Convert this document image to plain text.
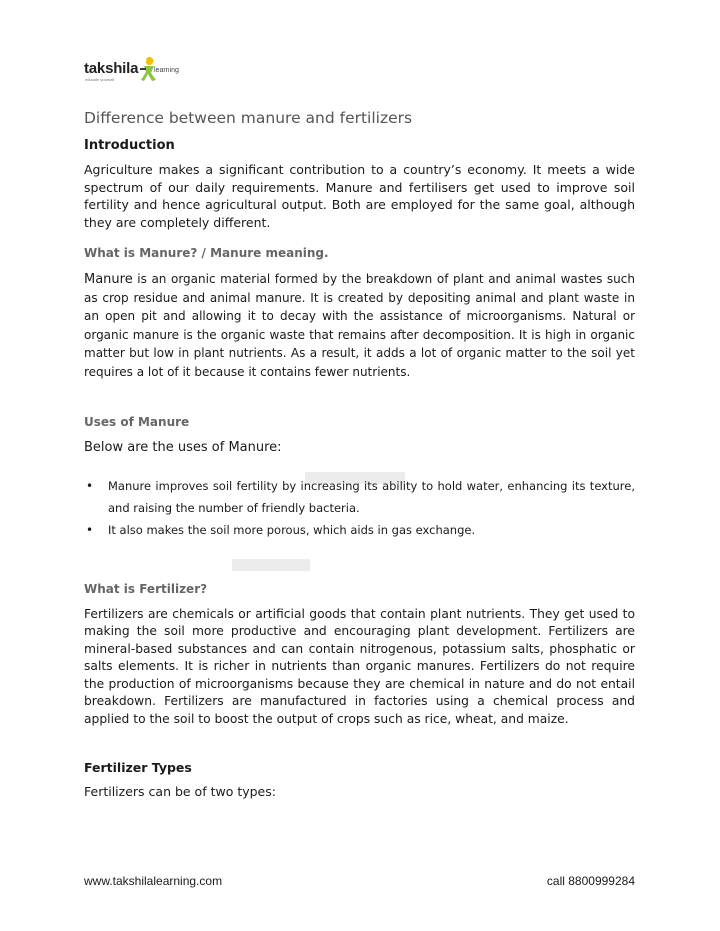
takshila learning
educate yourself
Difference between manure and fertilizers
Introduction

Agriculture makes a significant contribution to a country’s economy. It meets a wide spectrum of our daily requirements. Manure and fertilisers get used to improve soil fertility and hence agricultural output. Both are employed for the same goal, although they are completely different.

What is Manure? / Manure meaning.

Manure is an organic material formed by the breakdown of plant and animal wastes such as crop residue and animal manure. It is created by depositing animal and plant waste in an open pit and allowing it to decay with the assistance of microorganisms. Natural or organic manure is the organic waste that remains after decomposition. It is high in organic matter but low in plant nutrients. As a result, it adds a lot of organic matter to the soil yet requires a lot of it because it contains fewer nutrients.

Uses of Manure

Below are the uses of Manure:

• Manure improves soil fertility by increasing its ability to hold water, enhancing its texture, and raising the number of friendly bacteria.
• It also makes the soil more porous, which aids in gas exchange.
What is Fertilizer?

Fertilizers are chemicals or artificial goods that contain plant nutrients. They get used to making the soil more productive and encouraging plant development. Fertilizers are mineral-based substances and can contain nitrogenous, potassium salts, phosphatic or salts elements. It is richer in nutrients than organic manures. Fertilizers do not require the production of microorganisms because they are chemical in nature and do not entail breakdown. Fertilizers are manufactured in factories using a chemical process and applied to the soil to boost the output of crops such as rice, wheat, and maize.

Fertilizer Types

Fertilizers can be of two types:

www.takshilalearning.com	call 8800999284
